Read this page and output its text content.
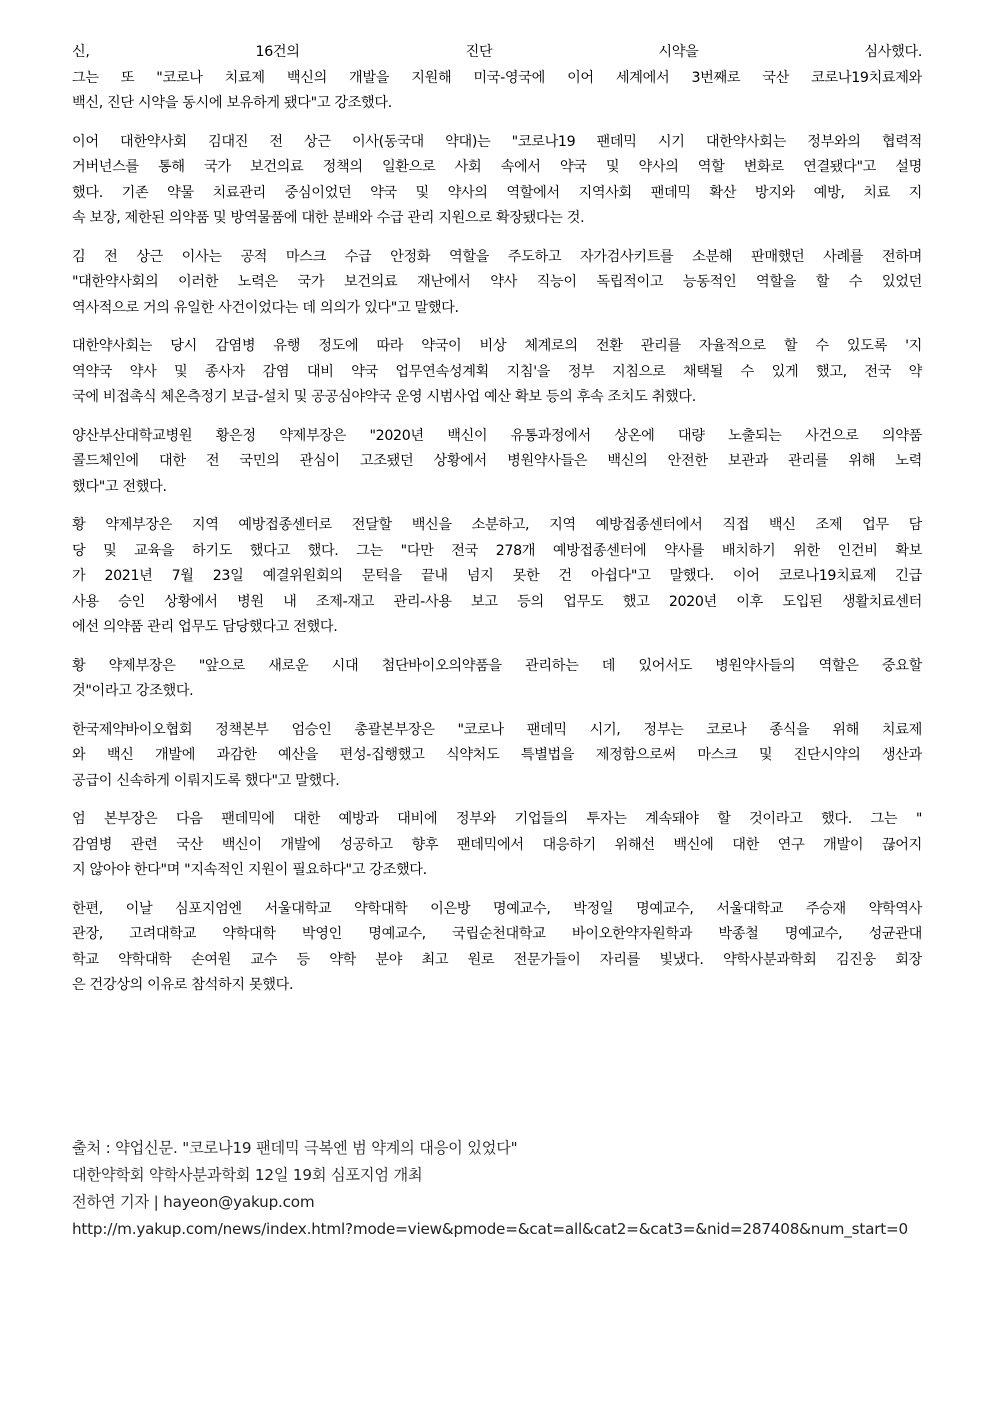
신, 16건의 진단 시약을 심사했다.
그는 또 "코로나 치료제 백신의 개발을 지원해 미국-영국에 이어 세계에서 3번째로 국산 코로나19치료제와
백신, 진단 시약을 동시에 보유하게 됐다"고 강조했다.
이어 대한약사회 김대진 전 상근 이사(동국대 약대)는 "코로나19 팬데믹 시기 대한약사회는 정부와의 협력적
거버넌스를 통해 국가 보건의료 정책의 일환으로 사회 속에서 약국 및 약사의 역할 변화로 연결됐다"고 설명
했다. 기존 약물 치료관리 중심이었던 약국 및 약사의 역할에서 지역사회 팬데믹 확산 방지와 예방, 치료 지
속 보장, 제한된 의약품 및 방역물품에 대한 분배와 수급 관리 지원으로 확장됐다는 것.
김 전 상근 이사는 공적 마스크 수급 안정화 역할을 주도하고 자가검사키트를 소분해 판매했던 사례를 전하며
"대한약사회의 이러한 노력은 국가 보건의료 재난에서 약사 직능이 독립적이고 능동적인 역할을 할 수 있었던
역사적으로 거의 유일한 사건이었다는 데 의의가 있다"고 말했다.
대한약사회는 당시 감염병 유행 정도에 따라 약국이 비상 체계로의 전환 관리를 자율적으로 할 수 있도록 '지
역약국 약사 및 종사자 감염 대비 약국 업무연속성계획 지침'을 정부 지침으로 채택될 수 있게 했고, 전국 약
국에 비접촉식 체온측정기 보급-설치 및 공공심야약국 운영 시범사업 예산 확보 등의 후속 조치도 취했다.
양산부산대학교병원 황은정 약제부장은 "2020년 백신이 유통과정에서 상온에 대량 노출되는 사건으로 의약품
콜드체인에 대한 전 국민의 관심이 고조됐던 상황에서 병원약사들은 백신의 안전한 보관과 관리를 위해 노력
했다"고 전했다.
황 약제부장은 지역 예방접종센터로 전달할 백신을 소분하고, 지역 예방접종센터에서 직접 백신 조제 업무 담
당 및 교육을 하기도 했다고 했다. 그는 "다만 전국 278개 예방접종센터에 약사를 배치하기 위한 인건비 확보
가 2021년 7월 23일 예결위원회의 문턱을 끝내 넘지 못한 건 아쉽다"고 말했다. 이어 코로나19치료제 긴급
사용 승인 상황에서 병원 내 조제-재고 관리-사용 보고 등의 업무도 했고 2020년 이후 도입된 생활치료센터
에선 의약품 관리 업무도 담당했다고 전했다.
황 약제부장은 "앞으로 새로운 시대 첨단바이오의약품을 관리하는 데 있어서도 병원약사들의 역할은 중요할
것"이라고 강조했다.
한국제약바이오협회 정책본부 엄승인 총괄본부장은 "코로나 팬데믹 시기, 정부는 코로나 종식을 위해 치료제
와 백신 개발에 과감한 예산을 편성-집행했고 식약처도 특별법을 제정함으로써 마스크 및 진단시약의 생산과
공급이 신속하게 이뤄지도록 했다"고 말했다.
엄 본부장은 다음 팬데믹에 대한 예방과 대비에 정부와 기업들의 투자는 계속돼야 할 것이라고 했다. 그는 "
감염병 관련 국산 백신이 개발에 성공하고 향후 팬데믹에서 대응하기 위해선 백신에 대한 연구 개발이 끊어지
지 않아야 한다"며 "지속적인 지원이 필요하다"고 강조했다.
한편, 이날 심포지엄엔 서울대학교 약학대학 이은방 명예교수, 박정일 명예교수, 서울대학교 주승재 약학역사
관장, 고려대학교 약학대학 박영인 명예교수, 국립순천대학교 바이오한약자원학과 박종철 명예교수, 성균관대
학교 약학대학 손여원 교수 등 약학 분야 최고 원로 전문가들이 자리를 빛냈다. 약학사분과학회 김진웅 회장
은 건강상의 이유로 참석하지 못했다.
출처 : 약업신문. "코로나19 팬데믹 극복엔 범 약계의 대응이 있었다"
대한약학회 약학사분과학회 12일 19회 심포지엄 개최
전하연 기자 | hayeon@yakup.com
http://m.yakup.com/news/index.html?mode=view&pmode=&cat=all&cat2=&cat3=&nid=287408&num_start=0
